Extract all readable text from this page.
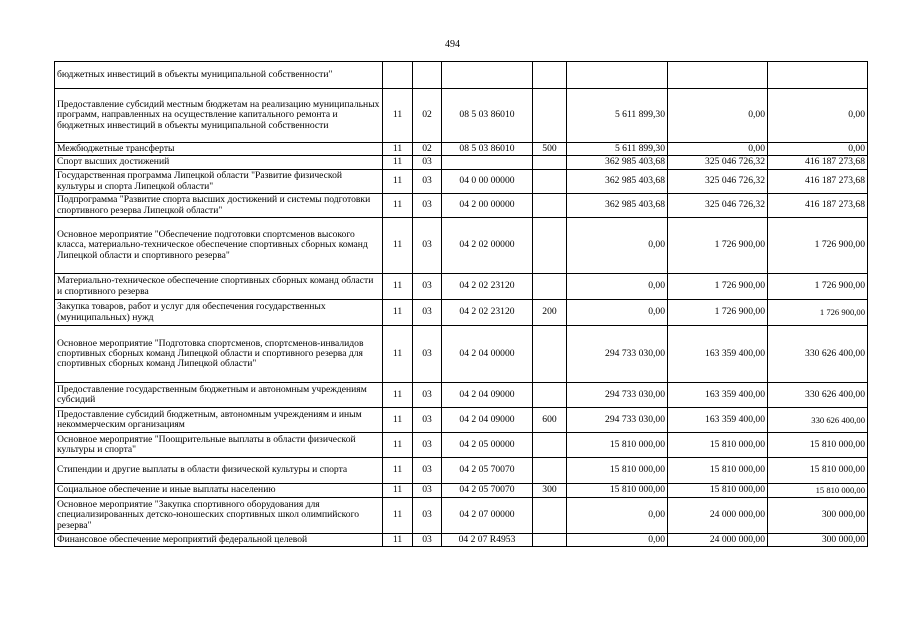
494
бюджетных инвестиций в объекты муниципальной собственности"							
Предоставление субсидий местным бюджетам на реализацию муниципальных программ, направленных на осуществление капитального ремонта и бюджетных инвестиций в объекты муниципальной собственности	11	02	08 5 03 86010		5 611 899,30	0,00	0,00
Межбюджетные трансферты	11	02	08 5 03 86010	500	5 611 899,30	0,00	0,00
Спорт высших достижений	11	03			362 985 403,68	325 046 726,32	416 187 273,68
Государственная программа Липецкой области "Развитие физической культуры и спорта Липецкой области"	11	03	04 0 00 00000		362 985 403,68	325 046 726,32	416 187 273,68
Подпрограмма "Развитие спорта высших достижений и системы подготовки спортивного резерва Липецкой области"	11	03	04 2 00 00000		362 985 403,68	325 046 726,32	416 187 273,68
Основное мероприятие "Обеспечение подготовки спортсменов высокого класса, материально-техническое обеспечение спортивных сборных команд Липецкой области и спортивного резерва"	11	03	04 2 02 00000		0,00	1 726 900,00	1 726 900,00
Материально-техническое обеспечение спортивных сборных команд области и спортивного резерва	11	03	04 2 02 23120		0,00	1 726 900,00	1 726 900,00
Закупка товаров, работ и услуг для обеспечения государственных (муниципальных) нужд	11	03	04 2 02 23120	200	0,00	1 726 900,00	1 726 900,00
Основное мероприятие "Подготовка спортсменов, спортсменов-инвалидов спортивных сборных команд Липецкой области и спортивного резерва для спортивных сборных команд Липецкой области"	11	03	04 2 04 00000		294 733 030,00	163 359 400,00	330 626 400,00
Предоставление государственным бюджетным и автономным учреждениям субсидий	11	03	04 2 04 09000		294 733 030,00	163 359 400,00	330 626 400,00
Предоставление субсидий бюджетным, автономным учреждениям и иным некоммерческим организациям	11	03	04 2 04 09000	600	294 733 030,00	163 359 400,00	330 626 400,00
Основное мероприятие "Поощрительные выплаты в области физической культуры и спорта"	11	03	04 2 05 00000		15 810 000,00	15 810 000,00	15 810 000,00
Стипендии и другие выплаты в области физической культуры и спорта	11	03	04 2 05 70070		15 810 000,00	15 810 000,00	15 810 000,00
Социальное обеспечение и иные выплаты населению	11	03	04 2 05 70070	300	15 810 000,00	15 810 000,00	15 810 000,00
Основное мероприятие "Закупка спортивного оборудования для специализированных детско-юношеских спортивных школ олимпийского резерва"	11	03	04 2 07 00000		0,00	24 000 000,00	300 000,00
Финансовое обеспечение мероприятий федеральной целевой	11	03	04 2 07 R4953		0,00	24 000 000,00	300 000,00
